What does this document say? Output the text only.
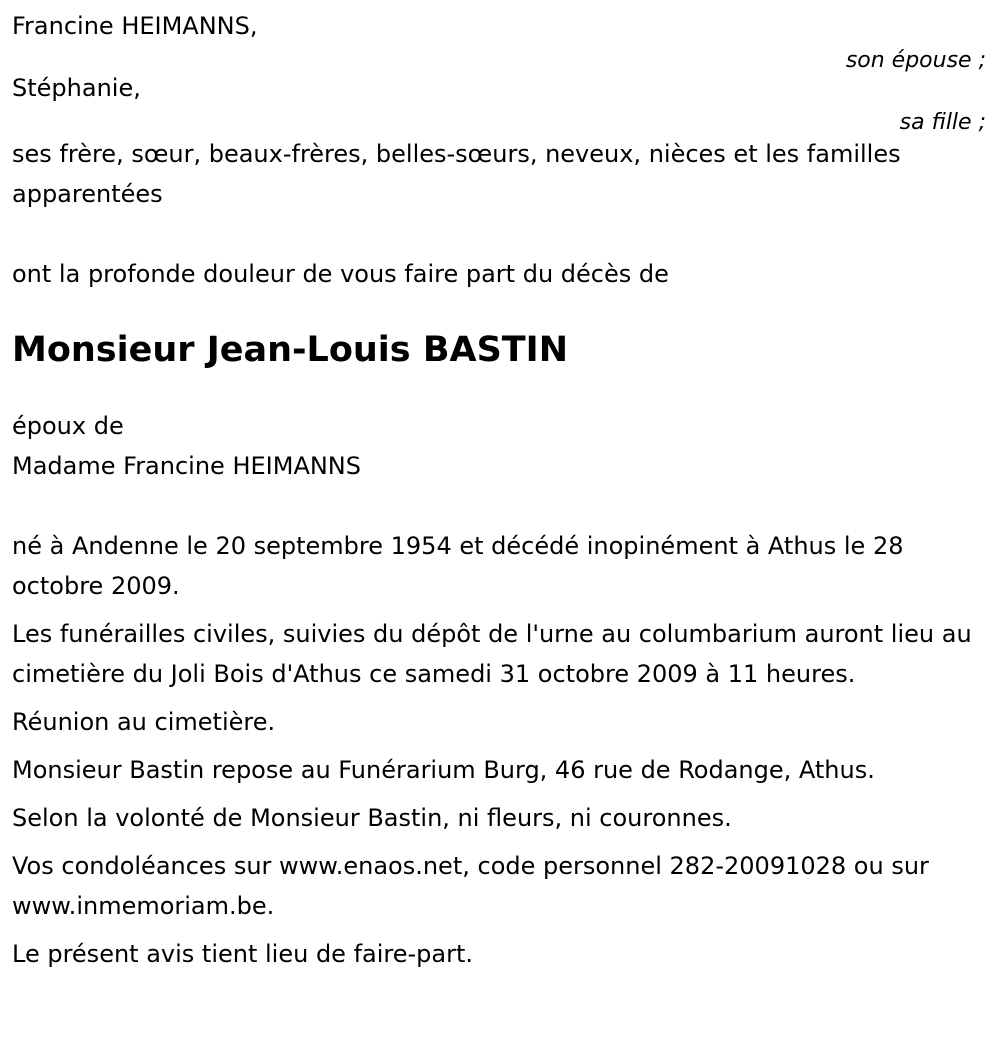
Francine HEIMANNS,
son épouse ;
Stéphanie,
sa fille ;
ses frère, sœur, beaux-frères, belles-sœurs, neveux, nièces et les familles apparentées
ont la profonde douleur de vous faire part du décès de
Monsieur Jean-Louis BASTIN
époux de
Madame Francine HEIMANNS
né à Andenne le 20 septembre 1954 et décédé inopinément à Athus le 28 octobre 2009.
Les funérailles civiles, suivies du dépôt de l'urne au columbarium auront lieu au cimetière du Joli Bois d'Athus ce samedi 31 octobre 2009 à 11 heures.
Réunion au cimetière.
Monsieur Bastin repose au Funérarium Burg, 46 rue de Rodange, Athus.
Selon la volonté de Monsieur Bastin, ni fleurs, ni couronnes.
Vos condoléances sur www.enaos.net, code personnel 282-20091028 ou sur www.inmemoriam.be.
Le présent avis tient lieu de faire-part.
